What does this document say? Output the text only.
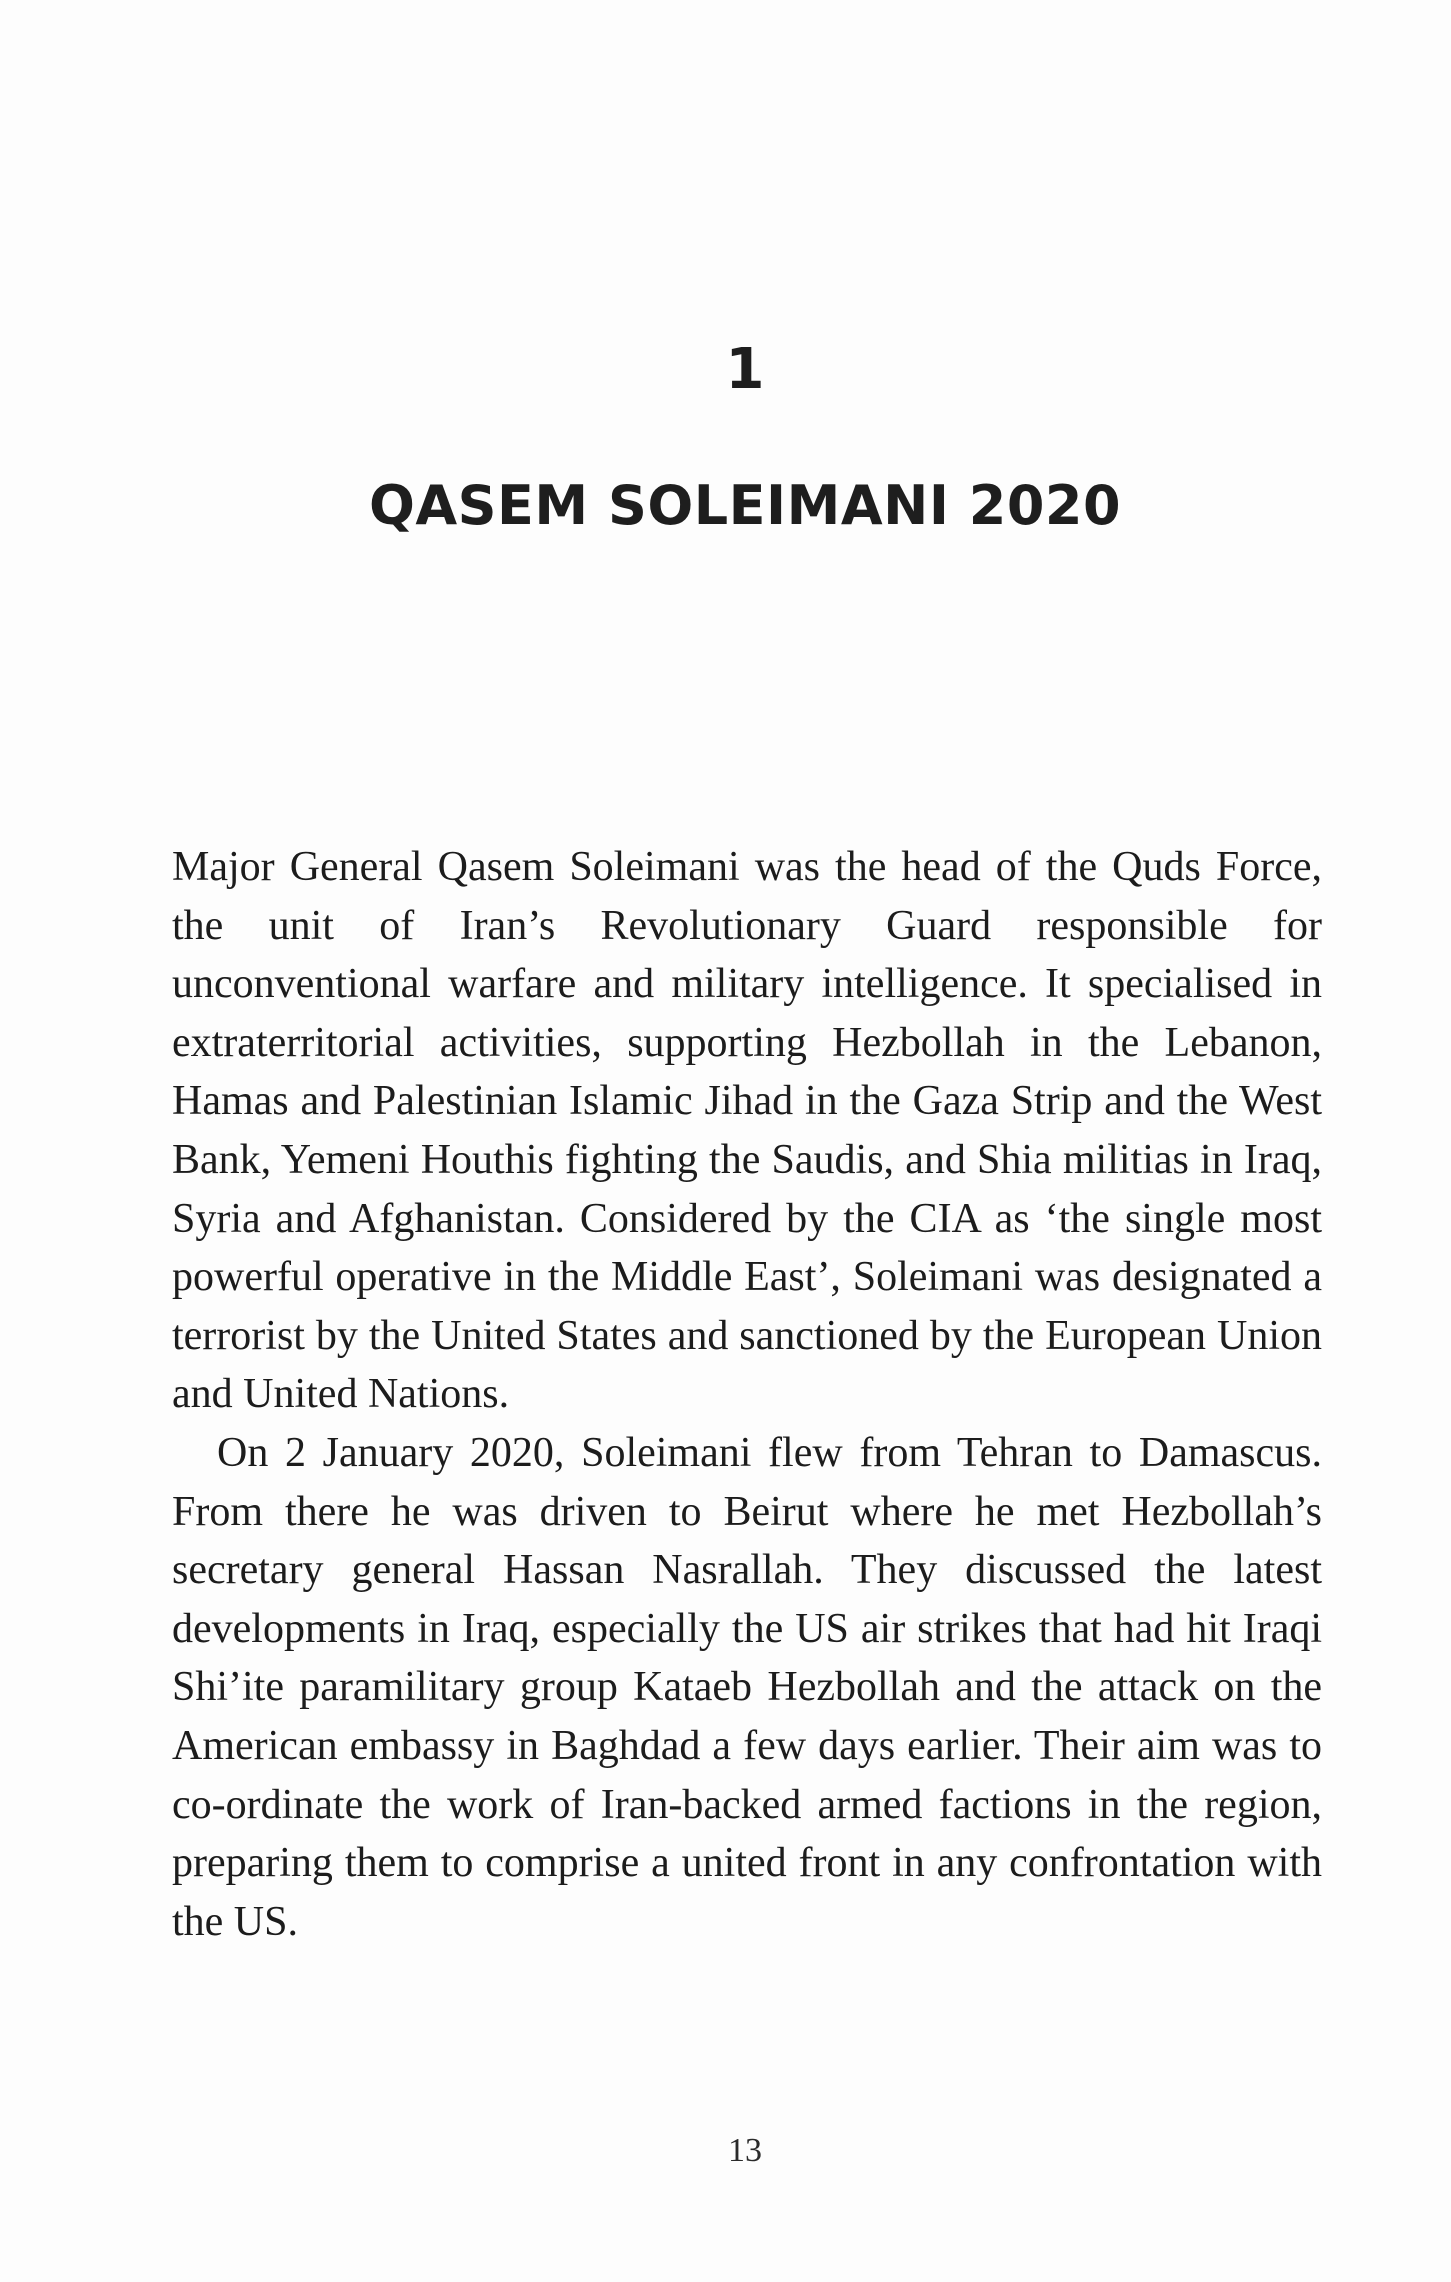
1
QASEM SOLEIMANI 2020

Major General Qasem Soleimani was the head of the Quds Force, the unit of Iran’s Revolutionary Guard responsible for unconventional warfare and military intelligence. It specialised in extraterritorial activities, supporting Hezbollah in the Lebanon, Hamas and Palestinian Islamic Jihad in the Gaza Strip and the West Bank, Yemeni Houthis fighting the Saudis, and Shia militias in Iraq, Syria and Afghanistan. Considered by the CIA as ‘the single most powerful operative in the Middle East’, Soleimani was designated a terrorist by the United States and sanctioned by the European Union and United Nations.

On 2 January 2020, Soleimani flew from Tehran to Damascus. From there he was driven to Beirut where he met Hezbollah’s secretary general Hassan Nasrallah. They discussed the latest developments in Iraq, especially the US air strikes that had hit Iraqi Shi’ite paramilitary group Kataeb Hezbollah and the attack on the American embassy in Baghdad a few days earlier. Their aim was to co-ordinate the work of Iran-backed armed factions in the region, preparing them to comprise a united front in any confrontation with the US.

13
